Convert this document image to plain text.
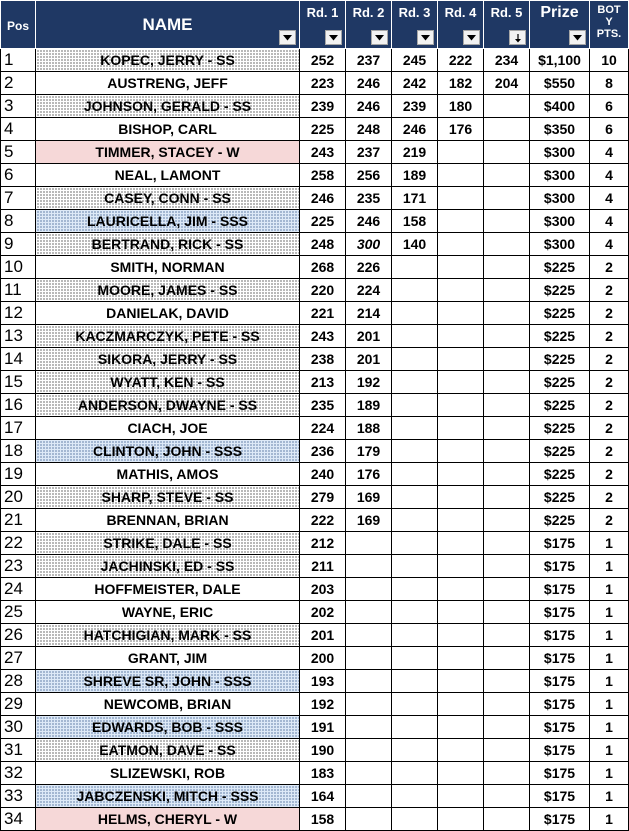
Pos	NAME	Rd. 1	Rd. 2	Rd. 3	Rd. 4	Rd. 5	Prize	BOT
Y
PTS.

1	KOPEC, JERRY - SS	252	237	245	222	234	$1,100	10
2	AUSTRENG, JEFF	223	246	242	182	204	$550	8
3	JOHNSON, GERALD - SS	239	246	239	180		$400	6
4	BISHOP, CARL	225	248	246	176		$350	6
5	TIMMER, STACEY - W	243	237	219			$300	4
6	NEAL, LAMONT	258	256	189			$300	4
7	CASEY, CONN - SS	246	235	171			$300	4
8	LAURICELLA, JIM - SSS	225	246	158			$300	4
9	BERTRAND, RICK - SS	248	300	140			$300	4
10	SMITH, NORMAN	268	226				$225	2
11	MOORE, JAMES - SS	220	224				$225	2
12	DANIELAK, DAVID	221	214				$225	2
13	KACZMARCZYK, PETE - SS	243	201				$225	2
14	SIKORA, JERRY - SS	238	201				$225	2
15	WYATT, KEN - SS	213	192				$225	2
16	ANDERSON, DWAYNE - SS	235	189				$225	2
17	CIACH, JOE	224	188				$225	2
18	CLINTON, JOHN - SSS	236	179				$225	2
19	MATHIS, AMOS	240	176				$225	2
20	SHARP, STEVE - SS	279	169				$225	2
21	BRENNAN, BRIAN	222	169				$225	2
22	STRIKE, DALE - SS	212					$175	1
23	JACHINSKI, ED - SS	211					$175	1
24	HOFFMEISTER, DALE	203					$175	1
25	WAYNE, ERIC	202					$175	1
26	HATCHIGIAN, MARK - SS	201					$175	1
27	GRANT, JIM	200					$175	1
28	SHREVE SR, JOHN - SSS	193					$175	1
29	NEWCOMB, BRIAN	192					$175	1
30	EDWARDS, BOB - SSS	191					$175	1
31	EATMON, DAVE - SS	190					$175	1
32	SLIZEWSKI, ROB	183					$175	1
33	JABCZENSKI, MITCH - SSS	164					$175	1
34	HELMS, CHERYL - W	158					$175	1
